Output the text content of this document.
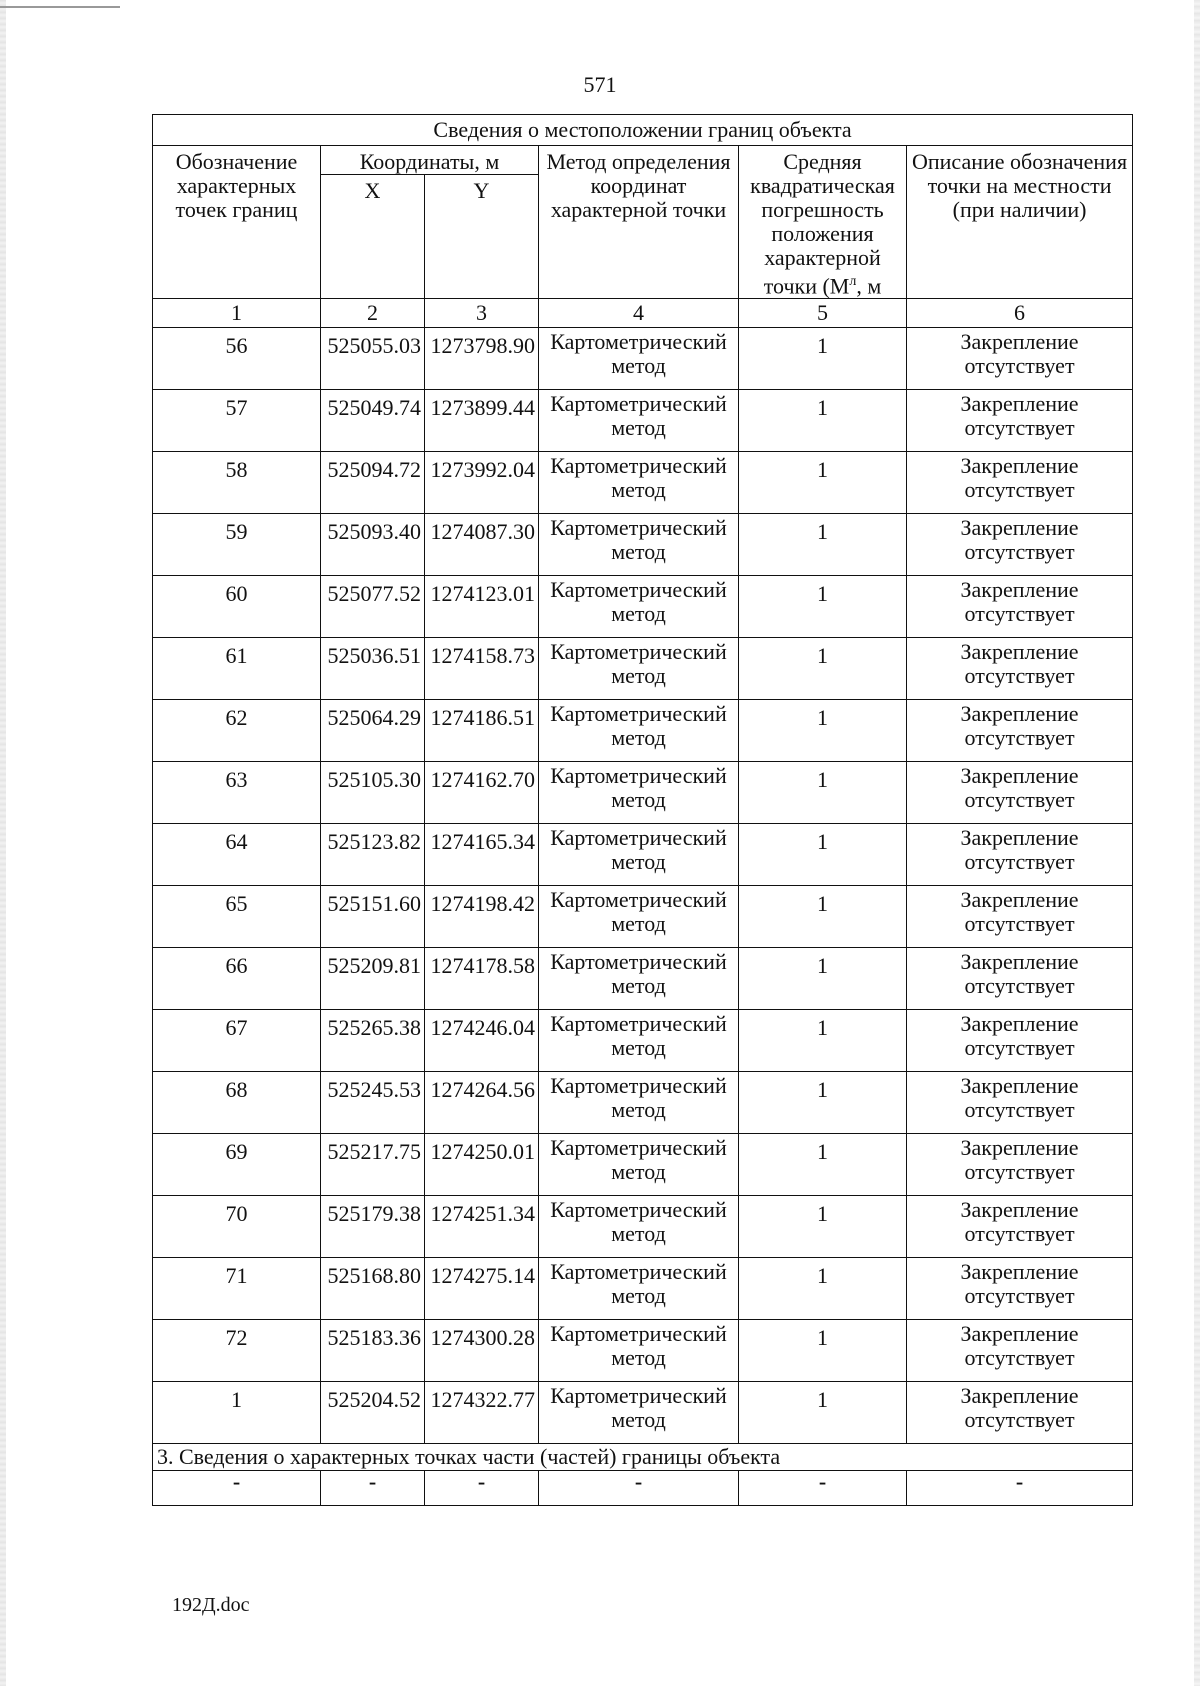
571
Сведения о местоположении границ объекта					
Обозначение характерных точек границ	Координаты, м		Метод определения координат характерной точки	Средняя квадратическая погрешность положения характерной точки ($М^л$, м	Описание обозначения точки на местности (при наличии)
	X	Y			
1	2	3	4	5	6
56	525055.03	1273798.90	Картометрический метод	1	Закрепление отсутствует
57	525049.74	1273899.44	Картометрический метод	1	Закрепление отсутствует
58	525094.72	1273992.04	Картометрический метод	1	Закрепление отсутствует
59	525093.40	1274087.30	Картометрический метод	1	Закрепление отсутствует
60	525077.52	1274123.01	Картометрический метод	1	Закрепление отсутствует
61	525036.51	1274158.73	Картометрический метод	1	Закрепление отсутствует
62	525064.29	1274186.51	Картометрический метод	1	Закрепление отсутствует
63	525105.30	1274162.70	Картометрический метод	1	Закрепление отсутствует
64	525123.82	1274165.34	Картометрический метод	1	Закрепление отсутствует
65	525151.60	1274198.42	Картометрический метод	1	Закрепление отсутствует
66	525209.81	1274178.58	Картометрический метод	1	Закрепление отсутствует
67	525265.38	1274246.04	Картометрический метод	1	Закрепление отсутствует
68	525245.53	1274264.56	Картометрический метод	1	Закрепление отсутствует
69	525217.75	1274250.01	Картометрический метод	1	Закрепление отсутствует
70	525179.38	1274251.34	Картометрический метод	1	Закрепление отсутствует
71	525168.80	1274275.14	Картометрический метод	1	Закрепление отсутствует
72	525183.36	1274300.28	Картометрический метод	1	Закрепление отсутствует
1	525204.52	1274322.77	Картометрический метод	1	Закрепление отсутствует
3. Сведения о характерных точках части (частей) границы объекта					
-	-	-	-	-	-
192Д.doc
